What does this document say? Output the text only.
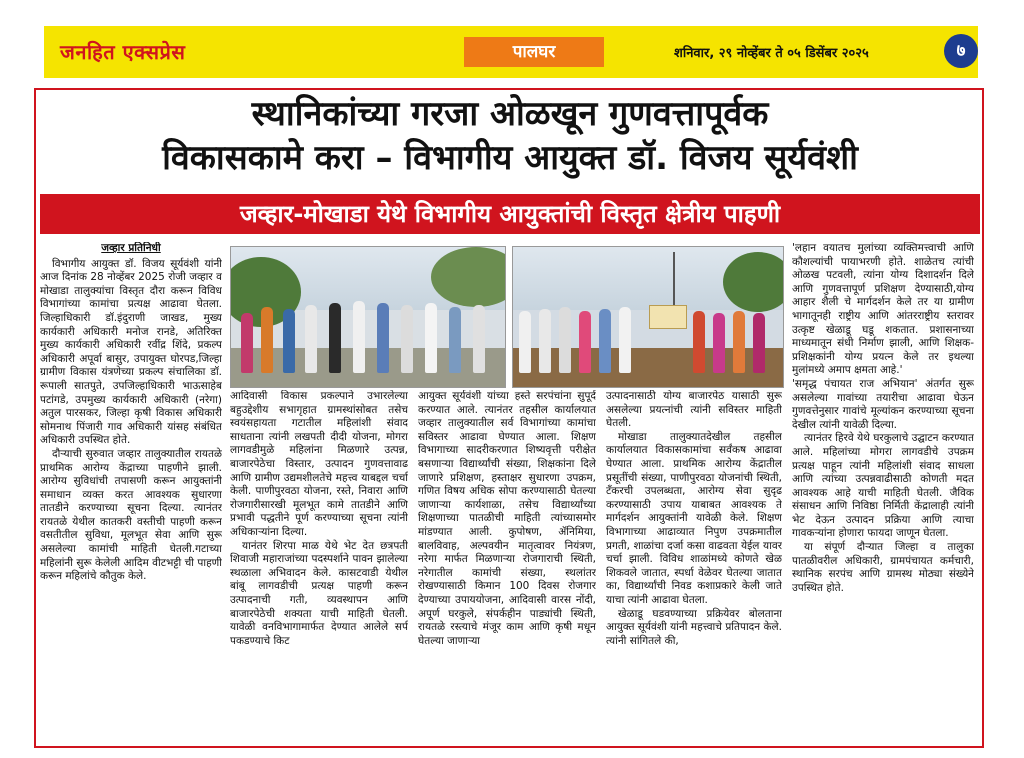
जनहित एक्सप्रेस	पालघर	शनिवार, २९ नोव्हेंबर ते ०५ डिसेंबर २०२५	७
स्थानिकांच्या गरजा ओळखून गुणवत्तापूर्वक
विकासकामे करा – विभागीय आयुक्त डॉ. विजय सूर्यवंशी
जव्हार-मोखाडा येथे विभागीय आयुक्तांची विस्तृत क्षेत्रीय पाहणी

जव्हार प्रतिनिधी

विभागीय आयुक्त डॉ. विजय सूर्यवंशी यांनी आज दिनांक 28 नोव्हेंबर 2025 रोजी जव्हार व मोखाडा तालुक्यांचा विस्तृत दौरा करून विविध विभागांच्या कामांचा प्रत्यक्ष आढावा घेतला. जिल्हाधिकारी डॉ.इंदुराणी जाखड, मुख्य कार्यकारी अधिकारी मनोज रानडे, अतिरिक्त मुख्य कार्यकारी अधिकारी रवींद्र शिंदे, प्रकल्प अधिकारी अपूर्वा बासुर, उपायुक्त घोरपड,जिल्हा ग्रामीण विकास यंत्रणेच्या प्रकल्प संचालिका डॉ. रूपाली सातपुते, उपजिल्हाधिकारी भाऊसाहेब पटांगडे, उपमुख्य कार्यकारी अधिकारी (नरेगा) अतुल पारसकर, जिल्हा कृषी विकास अधिकारी सोमनाथ पिंजारी गाव अधिकारी यांसह संबंधित अधिकारी उपस्थित होते.

दौऱ्याची सुरुवात जव्हार तालुक्यातील रायतळे प्राथमिक आरोग्य केंद्राच्या पाहणीने झाली. आरोग्य सुविधांची तपासणी करून आयुक्तांनी समाधान व्यक्त करत आवश्यक सुधारणा तातडीने करण्याच्या सूचना दिल्या. त्यानंतर रायतळे येथील कातकरी वस्तीची पाहणी करून वसतीतील सुविधा, मूलभूत सेवा आणि सुरू असलेल्या कामांची माहिती घेतली.गटाच्या महिलांनी सुरू केलेली आदिम वीटभट्टी ची पाहणी करून महिलांचे कौतुक केले.

आदिवासी विकास प्रकल्पाने उभारलेल्या बहुउद्देशीय सभागृहात ग्रामस्थांसोबत तसेच स्वयंसहायता गटातील महिलांशी संवाद साधताना त्यांनी लखपती दीदी योजना, मोगरा लागवडीमुळे महिलांना मिळणारे उत्पन्न, बाजारपेठेचा विस्तार, उत्पादन गुणवत्तावाढ आणि ग्रामीण उद्यमशीलतेचे महत्त्व याबद्दल चर्चा केली. पाणीपुरवठा योजना, रस्ते, निवारा आणि रोजगारीसारखी मूलभूत कामे तातडीने आणि प्रभावी पद्धतीने पूर्ण करण्याच्या सूचना त्यांनी अधिकाऱ्यांना दिल्या.

यानंतर शिरपा माळ येथे भेट देत छत्रपती शिवाजी महाराजांच्या पदस्पर्शाने पावन झालेल्या स्थळाला अभिवादन केले. कासटवाडी येथील बांबू लागवडीची प्रत्यक्ष पाहणी करून उत्पादनाची गती, व्यवस्थापन आणि बाजारपेठेची शक्यता याची माहिती घेतली. यावेळी वनविभागामार्फत देण्यात आलेले सर्प पकडण्याचे किट

आयुक्त सूर्यवंशी यांच्या हस्ते सरपंचांना सुपूर्द करण्यात आले. त्यानंतर तहसील कार्यालयात जव्हार तालुक्यातील सर्व विभागांच्या कामांचा सविस्तर आढावा घेण्यात आला. शिक्षण विभागाच्या सादरीकरणात शिष्यवृत्ती परीक्षेत बसणाऱ्या विद्यार्थ्यांची संख्या, शिक्षकांना दिले जाणारे प्रशिक्षण, हस्ताक्षर सुधारणा उपक्रम, गणित विषय अधिक सोपा करण्यासाठी घेतल्या जाणाऱ्या कार्यशाळा, तसेच विद्यार्थ्यांच्या शिक्षणाच्या पातळीची माहिती त्यांच्यासमोर मांडण्यात आली. कुपोषण, ॲनिमिया, बालविवाह, अल्पवयीन मातृत्वावर नियंत्रण, नरेगा मार्फत मिळणाऱ्या रोजगाराची स्थिती, नरेगातील कामांची संख्या, स्थलांतर रोखण्यासाठी किमान 100 दिवस रोजगार देण्याच्या उपाययोजना, आदिवासी वारस नोंदी, अपूर्ण घरकुले, संपर्कहीन पाड्यांची स्थिती, रायतळे रस्त्याचे मंजूर काम आणि कृषी मधून घेतल्या जाणाऱ्या

उत्पादनासाठी योग्य बाजारपेठ यासाठी सुरू असलेल्या प्रयत्नांची त्यांनी सविस्तर माहिती घेतली.

मोखाडा तालुक्यातदेखील तहसील कार्यालयात विकासकामांचा सर्वंकष आढावा घेण्यात आला. प्राथमिक आरोग्य केंद्रातील प्रसूतींची संख्या, पाणीपुरवठा योजनांची स्थिती, टँकरची उपलब्धता, आरोग्य सेवा सुदृढ करण्यासाठी उपाय याबाबत आवश्यक ते मार्गदर्शन आयुक्तांनी यावेळी केले. शिक्षण विभागाच्या आढाव्यात निपुण उपक्रमातील प्रगती, शाळांचा दर्जा कसा वाढवता येईल यावर चर्चा झाली. विविध शाळांमध्ये कोणते खेळ शिकवले जातात, स्पर्धा वेळेवर घेतल्या जातात का, विद्यार्थ्यांची निवड कशाप्रकारे केली जाते याचा त्यांनी आढावा घेतला.

खेळाडू घडवण्याच्या प्रक्रियेवर बोलताना आयुक्त सूर्यवंशी यांनी महत्त्वाचे प्रतिपादन केले. त्यांनी सांगितले की,

'लहान वयातच मुलांच्या व्यक्तिमत्त्वाची आणि कौशल्यांची पायाभरणी होते. शाळेतच त्यांची ओळख पटवली, त्यांना योग्य दिशादर्शन दिले आणि गुणवत्तापूर्ण प्रशिक्षण देण्यासाठी,योग्य आहार शैली चे मार्गदर्शन केले तर या ग्रामीण भागातूनही राष्ट्रीय आणि आंतरराष्ट्रीय स्तरावर उत्कृष्ट खेळाडू घडू शकतात. प्रशासनाच्या माध्यमातून संधी निर्माण झाली, आणि शिक्षक-प्रशिक्षकांनी योग्य प्रयत्न केले तर इथल्या मुलांमध्ये अमाप क्षमता आहे.'

'समृद्ध पंचायत राज अभियान' अंतर्गत सुरू असलेल्या गावांच्या तयारीचा आढावा घेऊन गुणवत्तेनुसार गावांचे मूल्यांकन करण्याच्या सूचना देखील त्यांनी यावेळी दिल्या.

त्यानंतर हिरवे येथे घरकुलाचे उद्घाटन करण्यात आले. महिलांच्या मोगरा लागवडीचे उपक्रम प्रत्यक्ष पाहून त्यांनी महिलांशी संवाद साधला आणि त्यांच्या उत्पन्नवाढीसाठी कोणती मदत आवश्यक आहे याची माहिती घेतली. जैविक संसाधन आणि निविष्ठा निर्मिती केंद्रालाही त्यांनी भेट देऊन उत्पादन प्रक्रिया आणि त्याचा गावकऱ्यांना होणारा फायदा जाणून घेतला.

या संपूर्ण दौऱ्यात जिल्हा व तालुका पातळीवरील अधिकारी, ग्रामपंचायत कर्मचारी, स्थानिक सरपंच आणि ग्रामस्थ मोठ्या संख्येने उपस्थित होते.
